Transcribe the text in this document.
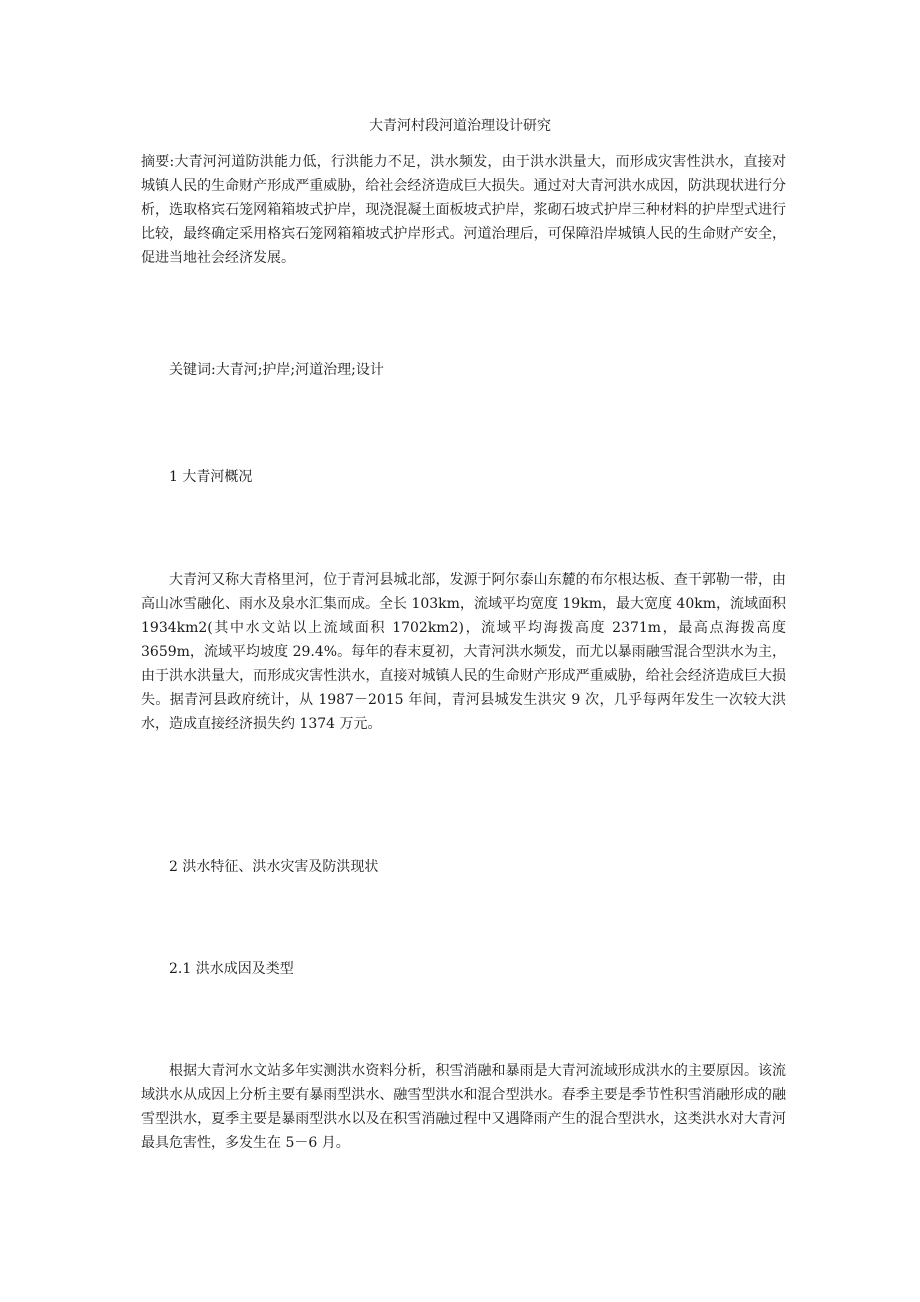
大青河村段河道治理设计研究

摘要:大青河河道防洪能力低，行洪能力不足，洪水频发，由于洪水洪量大，而形成灾害性洪水，直接对城镇人民的生命财产形成严重威胁，给社会经济造成巨大损失。通过对大青河洪水成因，防洪现状进行分析，选取格宾石笼网箱箱坡式护岸，现浇混凝土面板坡式护岸，浆砌石坡式护岸三种材料的护岸型式进行比较，最终确定采用格宾石笼网箱箱坡式护岸形式。河道治理后，可保障沿岸城镇人民的生命财产安全，促进当地社会经济发展。

关键词:大青河;护岸;河道治理;设计
1 大青河概况

大青河又称大青格里河，位于青河县城北部，发源于阿尔泰山东麓的布尔根达板、查干郭勒一带，由高山冰雪融化、雨水及泉水汇集而成。全长 103km，流域平均宽度 19km，最大宽度 40km，流域面积 1934km2(其中水文站以上流域面积 1702km2)，流域平均海拨高度 2371m，最高点海拨高度 3659m，流域平均坡度 29.4%。每年的春末夏初，大青河洪水频发，而尤以暴雨融雪混合型洪水为主，由于洪水洪量大，而形成灾害性洪水，直接对城镇人民的生命财产形成严重威胁，给社会经济造成巨大损失。据青河县政府统计，从 1987－2015 年间，青河县城发生洪灾 9 次，几乎每两年发生一次较大洪水，造成直接经济损失约 1374 万元。

2 洪水特征、洪水灾害及防洪现状
2.1 洪水成因及类型

根据大青河水文站多年实测洪水资料分析，积雪消融和暴雨是大青河流域形成洪水的主要原因。该流域洪水从成因上分析主要有暴雨型洪水、融雪型洪水和混合型洪水。春季主要是季节性积雪消融形成的融雪型洪水，夏季主要是暴雨型洪水以及在积雪消融过程中又遇降雨产生的混合型洪水，这类洪水对大青河最具危害性，多发生在 5－6 月。
